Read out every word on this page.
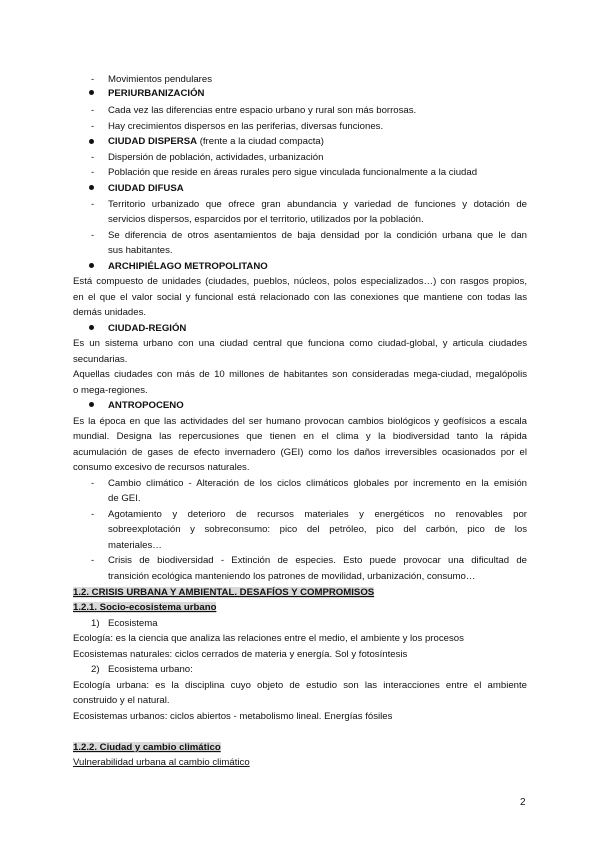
- Movimientos pendulares
PERIURBANIZACIÓN
- Cada vez las diferencias entre espacio urbano y rural son más borrosas.
- Hay crecimientos dispersos en las periferias, diversas funciones.
CIUDAD DISPERSA (frente a la ciudad compacta)
- Dispersión de población, actividades, urbanización
- Población que reside en áreas rurales pero sigue vinculada funcionalmente a la ciudad
CIUDAD DIFUSA
- Territorio urbanizado que ofrece gran abundancia y variedad de funciones y dotación de
servicios dispersos, esparcidos por el territorio, utilizados por la población.
- Se diferencia de otros asentamientos de baja densidad por la condición urbana que le dan
sus habitantes.
ARCHIPIÉLAGO METROPOLITANO
Está compuesto de unidades (ciudades, pueblos, núcleos, polos especializados…) con rasgos propios,
en el que el valor social y funcional está relacionado con las conexiones que mantiene con todas las
demás unidades.
CIUDAD-REGIÓN
Es un sistema urbano con una ciudad central que funciona como ciudad-global, y articula ciudades
secundarias.
Aquellas ciudades con más de 10 millones de habitantes son consideradas mega-ciudad, megalópolis
o mega-regiones.
ANTROPOCENO
Es la época en que las actividades del ser humano provocan cambios biológicos y geofísicos a escala
mundial. Designa las repercusiones que tienen en el clima y la biodiversidad tanto la rápida
acumulación de gases de efecto invernadero (GEI) como los daños irreversibles ocasionados por el
consumo excesivo de recursos naturales.
- Cambio climático - Alteración de los ciclos climáticos globales por incremento en la emisión
de GEI.
- Agotamiento y deterioro de recursos materiales y energéticos no renovables por
sobreexplotación y sobreconsumo: pico del petróleo, pico del carbón, pico de los
materiales…
- Crisis de biodiversidad - Extinción de especies. Esto puede provocar una dificultad de
transición ecológica manteniendo los patrones de movilidad, urbanización, consumo…
1.2. CRISIS URBANA Y AMBIENTAL. DESAFÍOS Y COMPROMISOS
1.2.1. Socio-ecosistema urbano
1) Ecosistema
Ecología: es la ciencia que analiza las relaciones entre el medio, el ambiente y los procesos
Ecosistemas naturales: ciclos cerrados de materia y energía. Sol y fotosíntesis
2) Ecosistema urbano:
Ecología urbana: es la disciplina cuyo objeto de estudio son las interacciones entre el ambiente
construido y el natural.
Ecosistemas urbanos: ciclos abiertos - metabolismo lineal. Energías fósiles
1.2.2. Ciudad y cambio climático
Vulnerabilidad urbana al cambio climático
2
